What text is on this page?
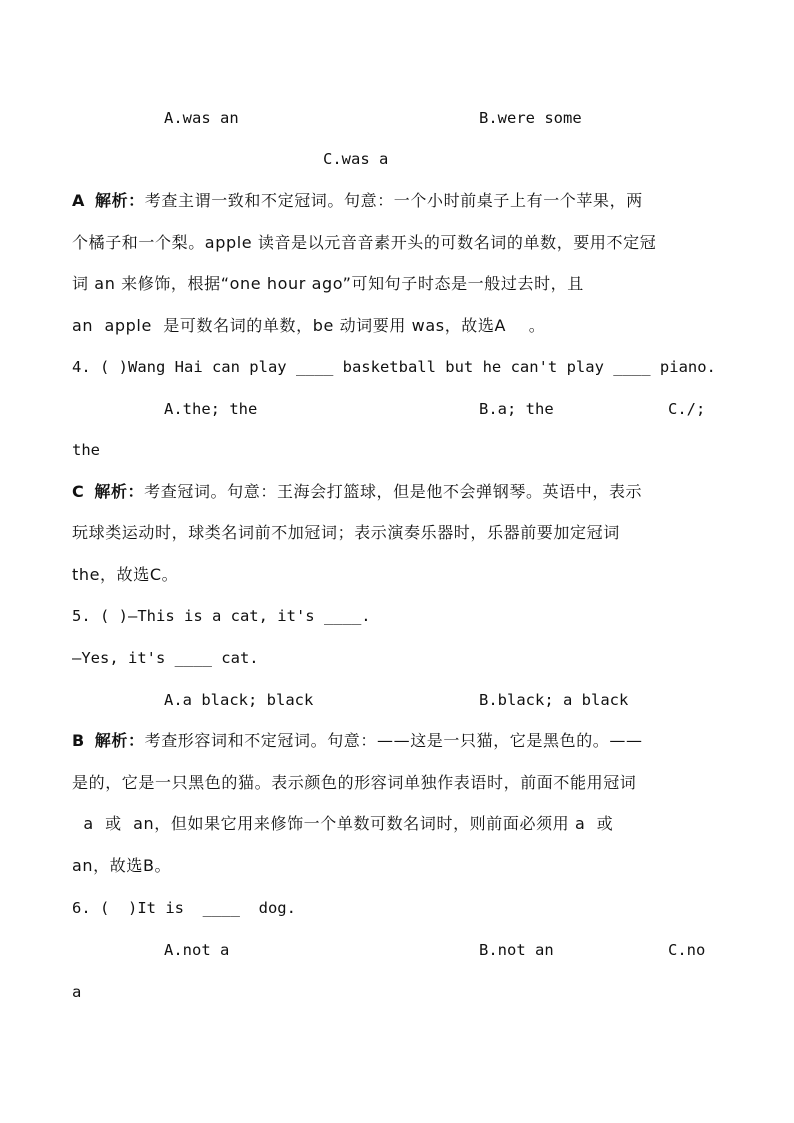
A.was an	B.were some
C.was a
A 解析：考查主谓一致和不定冠词。句意：一个小时前桌子上有一个苹果，两
个橘子和一个梨。apple 读音是以元音音素开头的可数名词的单数，要用不定冠
词 an 来修饰，根据“one hour ago”可知句子时态是一般过去时，且
an  apple  是可数名词的单数，be 动词要用 was，故选A    。
4. ( )Wang Hai can play ____ basketball but he can't play ____ piano.
A.the; the	B.a; the	C./;
the
C 解析：考查冠词。句意：王海会打篮球，但是他不会弹钢琴。英语中，表示
玩球类运动时，球类名词前不加冠词；表示演奏乐器时，乐器前要加定冠词
the，故选C。
5. ( )—This is a cat, it's ____.
—Yes, it's ____ cat.
A.a black; black	B.black; a black
B 解析：考查形容词和不定冠词。句意：——这是一只猫，它是黑色的。——
是的，它是一只黑色的猫。表示颜色的形容词单独作表语时，前面不能用冠词
a  或  an，但如果它用来修饰一个单数可数名词时，则前面必须用 a  或
an，故选B。
6. (  )It is  ____  dog.
A.not a	B.not an	C.no
a
